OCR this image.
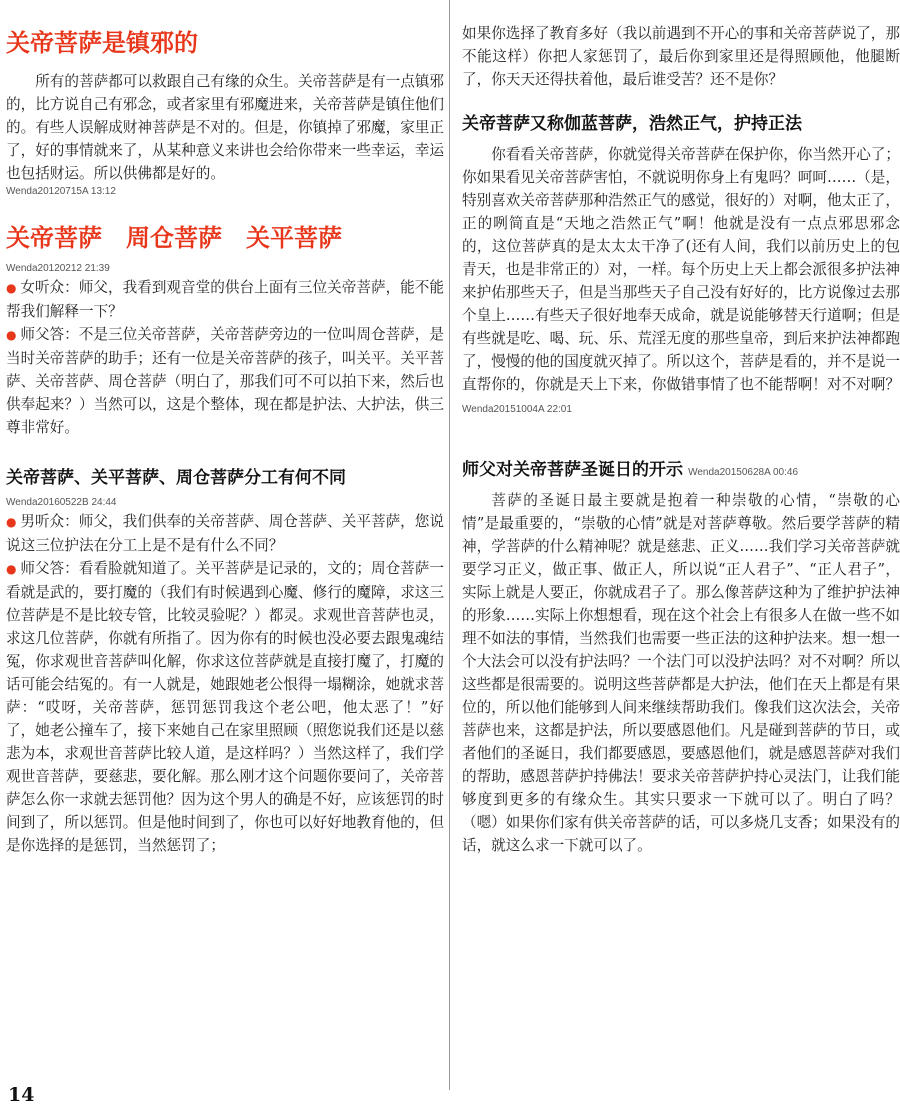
关帝菩萨是镇邪的

所有的菩萨都可以救跟自己有缘的众生。关帝菩萨是有一点镇邪的，比方说自己有邪念，或者家里有邪魔进来，关帝菩萨是镇住他们的。有些人误解成财神菩萨是不对的。但是，你镇掉了邪魔，家里正了，好的事情就来了，从某种意义来讲也会给你带来一些幸运，幸运也包括财运。所以供佛都是好的。

Wenda20120715A 13:12
关帝菩萨　周仓菩萨　关平菩萨
Wenda20120212 21:39

● 女听众：师父，我看到观音堂的供台上面有三位关帝菩萨，能不能帮我们解释一下？

● 师父答：不是三位关帝菩萨，关帝菩萨旁边的一位叫周仓菩萨，是当时关帝菩萨的助手；还有一位是关帝菩萨的孩子，叫关平。关平菩萨、关帝菩萨、周仓菩萨（明白了，那我们可不可以拍下来，然后也供奉起来？）当然可以，这是个整体，现在都是护法、大护法，供三尊非常好。

关帝菩萨、关平菩萨、周仓菩萨分工有何不同
Wenda20160522B 24:44

● 男听众：师父，我们供奉的关帝菩萨、周仓菩萨、关平菩萨，您说说这三位护法在分工上是不是有什么不同？

● 师父答：看看脸就知道了。关平菩萨是记录的，文的；周仓菩萨一看就是武的，要打魔的（我们有时候遇到心魔、修行的魔障，求这三位菩萨是不是比较专管，比较灵验呢？）都灵。求观世音菩萨也灵，求这几位菩萨，你就有所指了。因为你有的时候也没必要去跟鬼魂结冤，你求观世音菩萨叫化解，你求这位菩萨就是直接打魔了，打魔的话可能会结冤的。有一人就是，她跟她老公恨得一塌糊涂，她就求菩萨：“哎呀，关帝菩萨，惩罚惩罚我这个老公吧，他太恶了！”好了，她老公撞车了，接下来她自己在家里照顾（照您说我们还是以慈悲为本，求观世音菩萨比较人道，是这样吗？）当然这样了，我们学观世音菩萨，要慈悲，要化解。那么刚才这个问题你要问了，关帝菩萨怎么你一求就去惩罚他？因为这个男人的确是不好，应该惩罚的时间到了，所以惩罚。但是他时间到了，你也可以好好地教育他的，但是你选择的是惩罚，当然惩罚了；

如果你选择了教育多好（我以前遇到不开心的事和关帝菩萨说了，那不能这样）你把人家惩罚了，最后你到家里还是得照顾他，他腿断了，你天天还得扶着他，最后谁受苦？还不是你？

关帝菩萨又称伽蓝菩萨，浩然正气，护持正法

你看看关帝菩萨，你就觉得关帝菩萨在保护你，你当然开心了；你如果看见关帝菩萨害怕，不就说明你身上有鬼吗？呵呵……（是，特别喜欢关帝菩萨那种浩然正气的感觉，很好的）对啊，他太正了，正的咧简直是“天地之浩然正气”啊！他就是没有一点点邪思邪念的，这位菩萨真的是太太太干净了(还有人间，我们以前历史上的包青天，也是非常正的）对，一样。每个历史上天上都会派很多护法神来护佑那些天子，但是当那些天子自己没有好好的，比方说像过去那个皇上……有些天子很好地奉天成命，就是说能够替天行道啊；但是有些就是吃、喝、玩、乐、荒淫无度的那些皇帝，到后来护法神都跑了，慢慢的他的国度就灭掉了。所以这个，菩萨是看的，并不是说一直帮你的，你就是天上下来，你做错事情了也不能帮啊！对不对啊？ Wenda20151004A 22:01

师父对关帝菩萨圣诞日的开示 Wenda20150628A 00:46

菩萨的圣诞日最主要就是抱着一种崇敬的心情，“崇敬的心情”是最重要的，“崇敬的心情”就是对菩萨尊敬。然后要学菩萨的精神，学菩萨的什么精神呢？就是慈悲、正义……我们学习关帝菩萨就要学习正义，做正事、做正人，所以说“正人君子”、“正人君子”，实际上就是人要正，你就成君子了。那么像菩萨这种为了维护护法神的形象……实际上你想想看，现在这个社会上有很多人在做一些不如理不如法的事情，当然我们也需要一些正法的这种护法来。想一想一个大法会可以没有护法吗？一个法门可以没护法吗？对不对啊？所以这些都是很需要的。说明这些菩萨都是大护法，他们在天上都是有果位的，所以他们能够到人间来继续帮助我们。像我们这次法会，关帝菩萨也来，这都是护法，所以要感恩他们。凡是碰到菩萨的节日，或者他们的圣诞日，我们都要感恩，要感恩他们，就是感恩菩萨对我们的帮助，感恩菩萨护持佛法！要求关帝菩萨护持心灵法门，让我们能够度到更多的有缘众生。其实只要求一下就可以了。明白了吗？（嗯）如果你们家有供关帝菩萨的话，可以多烧几支香；如果没有的话，就这么求一下就可以了。

14
